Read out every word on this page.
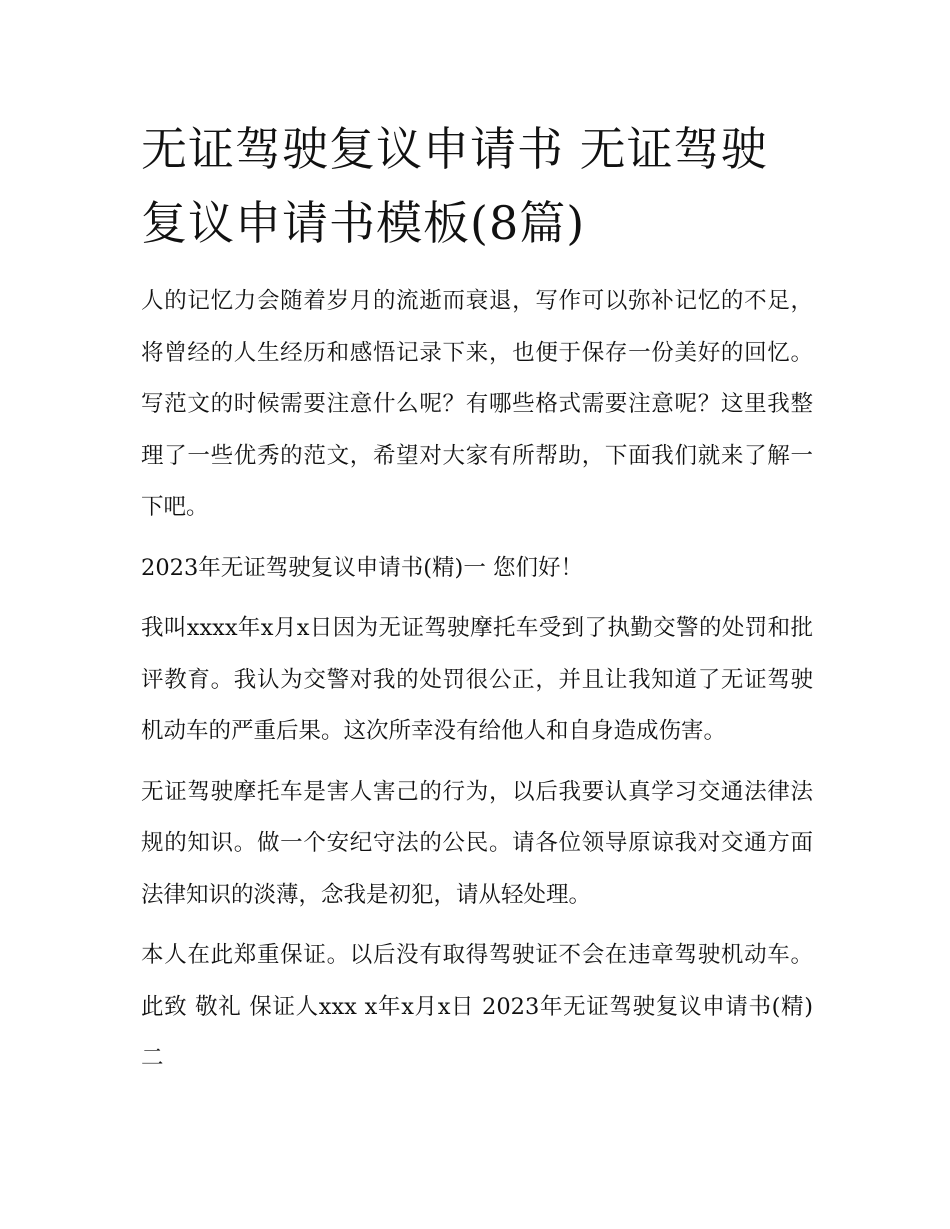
无证驾驶复议申请书 无证驾驶复议申请书模板(8篇)

人的记忆力会随着岁月的流逝而衰退，写作可以弥补记忆的不足，将曾经的人生经历和感悟记录下来，也便于保存一份美好的回忆。写范文的时候需要注意什么呢？有哪些格式需要注意呢？这里我整理了一些优秀的范文，希望对大家有所帮助，下面我们就来了解一下吧。

2023年无证驾驶复议申请书(精)一 您们好！

我叫xxxx年x月x日因为无证驾驶摩托车受到了执勤交警的处罚和批评教育。我认为交警对我的处罚很公正，并且让我知道了无证驾驶机动车的严重后果。这次所幸没有给他人和自身造成伤害。

无证驾驶摩托车是害人害己的行为，以后我要认真学习交通法律法规的知识。做一个安纪守法的公民。请各位领导原谅我对交通方面法律知识的淡薄，念我是初犯，请从轻处理。

本人在此郑重保证。以后没有取得驾驶证不会在违章驾驶机动车。 此致 敬礼 保证人xxx x年x月x日 2023年无证驾驶复议申请书(精)二
